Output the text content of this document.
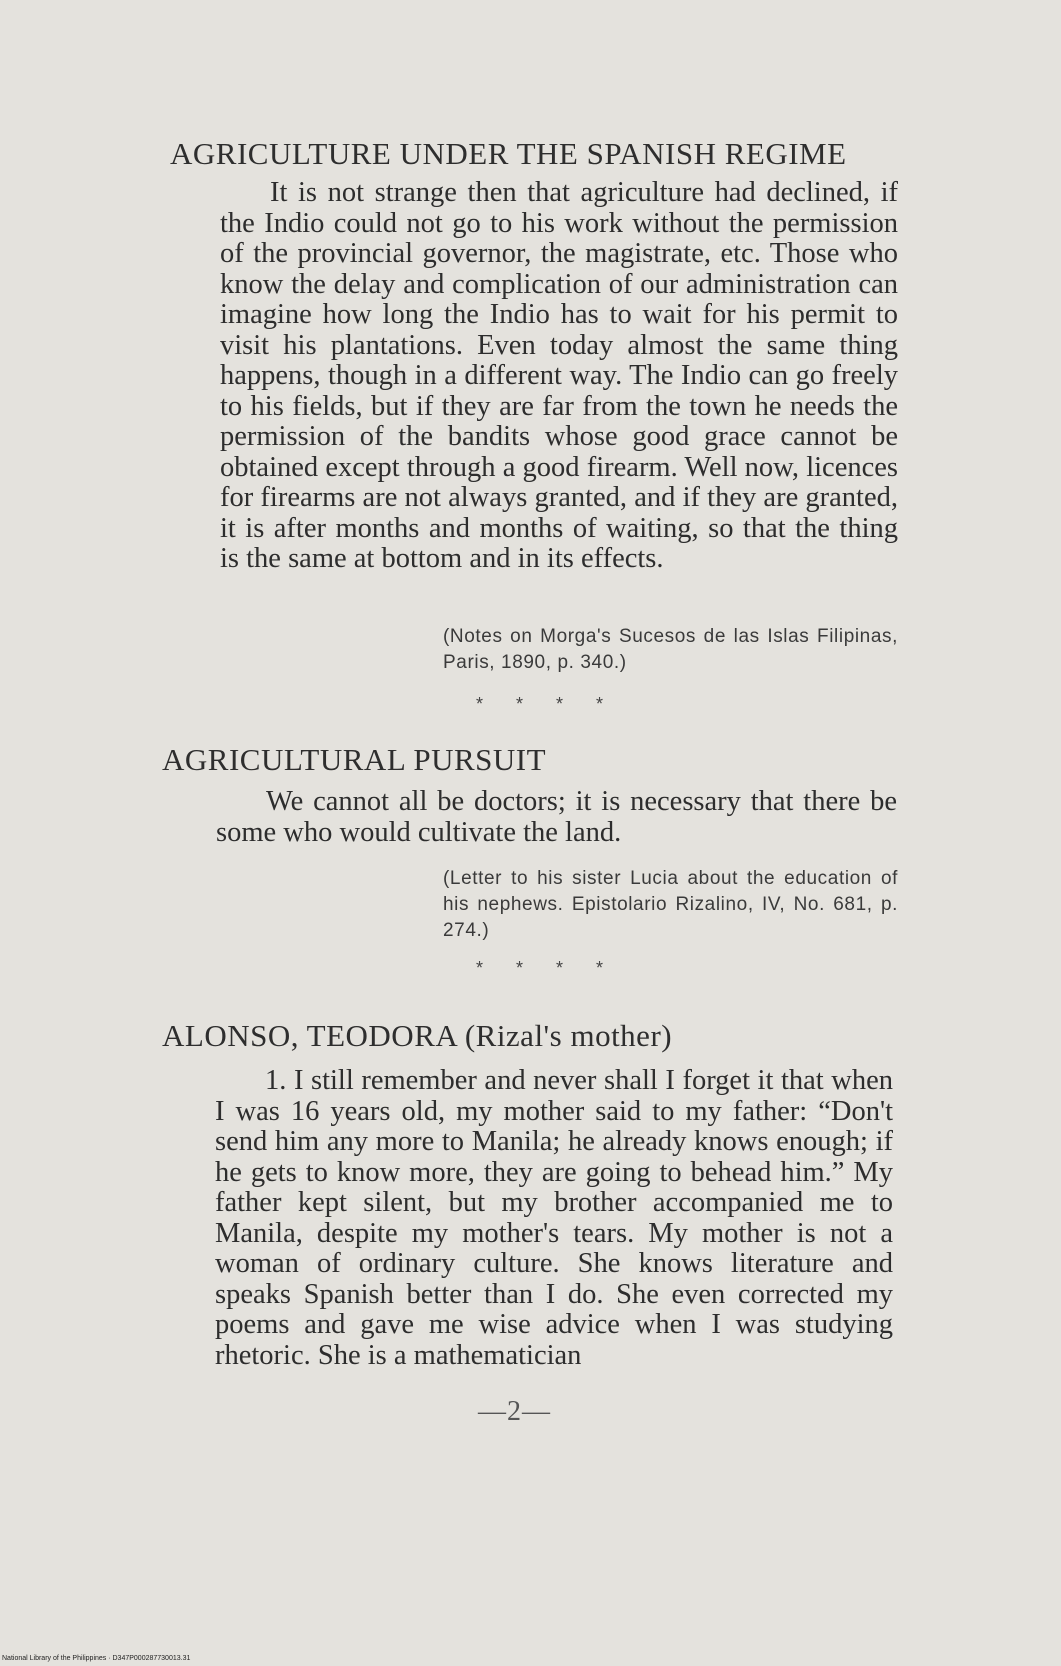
AGRICULTURE UNDER THE SPANISH REGIME

It is not strange then that agriculture had declined, if the Indio could not go to his work without the permission of the provincial governor, the magistrate, etc. Those who know the delay and complication of our administration can imagine how long the Indio has to wait for his permit to visit his plantations. Even today almost the same thing happens, though in a different way. The Indio can go freely to his fields, but if they are far from the town he needs the permission of the bandits whose good grace cannot be obtained except through a good firearm. Well now, licences for firearms are not always granted, and if they are granted, it is after months and months of waiting, so that the thing is the same at bottom and in its effects.

(Notes on Morga's Sucesos de las Islas Filipinas, Paris, 1890, p. 340.)

* * * *

AGRICULTURAL PURSUIT

We cannot all be doctors; it is necessary that there be some who would cultivate the land.

(Letter to his sister Lucia about the education of his nephews. Epistolario Rizalino, IV, No. 681, p. 274.)

* * * *

ALONSO, TEODORA (Rizal's mother)

1. I still remember and never shall I forget it that when I was 16 years old, my mother said to my father: “Don't send him any more to Manila; he already knows enough; if he gets to know more, they are going to behead him.” My father kept silent, but my brother accompanied me to Manila, despite my mother's tears. My mother is not a woman of ordinary culture. She knows literature and speaks Spanish better than I do. She even corrected my poems and gave me wise advice when I was studying rhetoric. She is a mathematician

—2—

National Library of the Philippines · D347P000287730013.31
